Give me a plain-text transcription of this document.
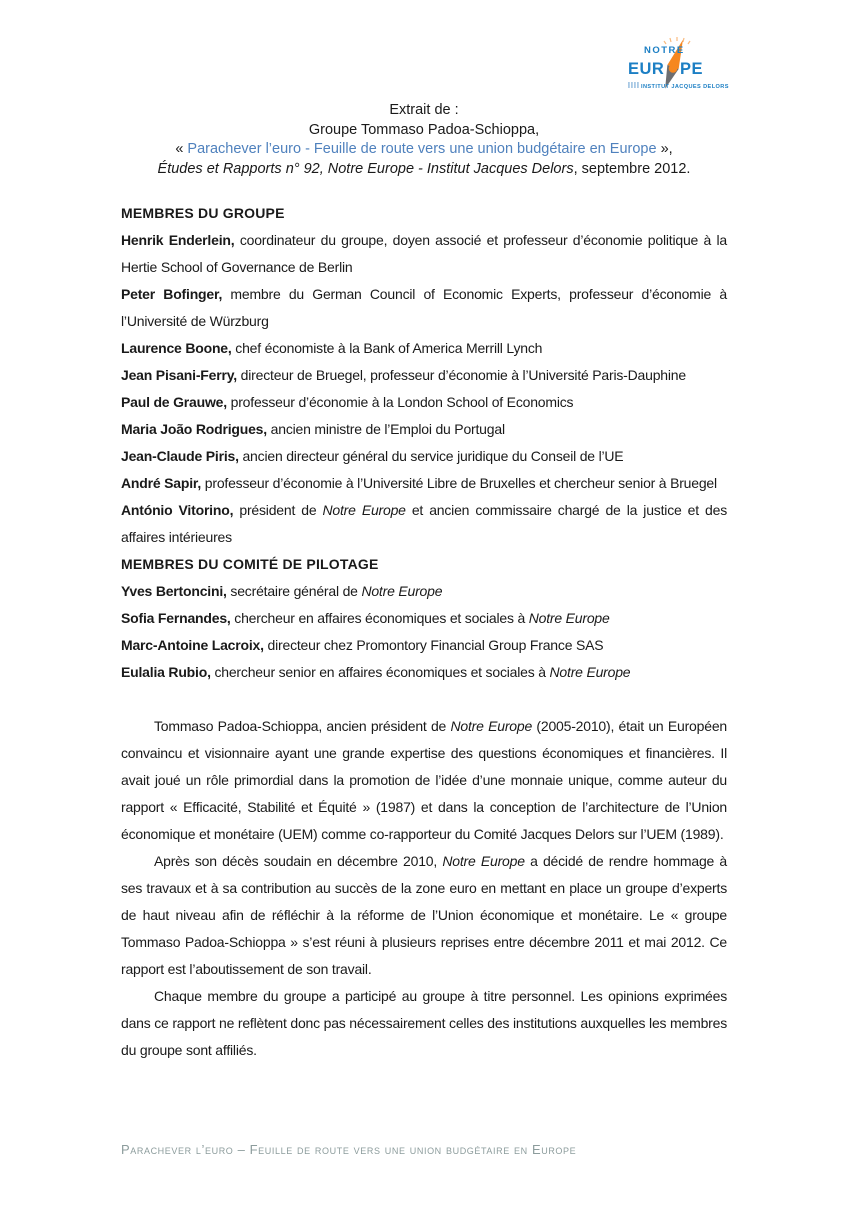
NOTRE
EUR PE
INSTITUT JACQUES DELORS
Extrait de :
Groupe Tommaso Padoa-Schioppa,
« Parachever l’euro - Feuille de route vers une union budgétaire en Europe »,
Études et Rapports n° 92, Notre Europe - Institut Jacques Delors, septembre 2012.
MEMBRES DU GROUPE
Henrik Enderlein, coordinateur du groupe, doyen associé et professeur d’économie politique à la Hertie School of Governance de Berlin
Peter Bofinger, membre du German Council of Economic Experts, professeur d’économie à l’Université de Würzburg
Laurence Boone, chef économiste à la Bank of America Merrill Lynch
Jean Pisani-Ferry, directeur de Bruegel, professeur d’économie à l’Université Paris-Dauphine
Paul de Grauwe, professeur d’économie à la London School of Economics
Maria João Rodrigues, ancien ministre de l’Emploi du Portugal
Jean-Claude Piris, ancien directeur général du service juridique du Conseil de l’UE
André Sapir, professeur d’économie à l’Université Libre de Bruxelles et chercheur senior à Bruegel
António Vitorino, président de Notre Europe et ancien commissaire chargé de la justice et des affaires intérieures
MEMBRES DU COMITÉ DE PILOTAGE
Yves Bertoncini, secrétaire général de Notre Europe
Sofia Fernandes, chercheur en affaires économiques et sociales à Notre Europe
Marc-Antoine Lacroix, directeur chez Promontory Financial Group France SAS
Eulalia Rubio, chercheur senior en affaires économiques et sociales à Notre Europe

Tommaso Padoa-Schioppa, ancien président de Notre Europe (2005-2010), était un Européen convaincu et visionnaire ayant une grande expertise des questions économiques et financières. Il avait joué un rôle primordial dans la promotion de l’idée d’une monnaie unique, comme auteur du rapport « Efficacité, Stabilité et Équité » (1987) et dans la conception de l’architecture de l’Union économique et monétaire (UEM) comme co-rapporteur du Comité Jacques Delors sur l’UEM (1989).

Après son décès soudain en décembre 2010, Notre Europe a décidé de rendre hommage à ses travaux et à sa contribution au succès de la zone euro en mettant en place un groupe d’experts de haut niveau afin de réfléchir à la réforme de l’Union économique et monétaire. Le « groupe Tommaso Padoa-Schioppa » s’est réuni à plusieurs reprises entre décembre 2011 et mai 2012. Ce rapport est l’aboutissement de son travail.

Chaque membre du groupe a participé au groupe à titre personnel. Les opinions exprimées dans ce rapport ne reflètent donc pas nécessairement celles des institutions auxquelles les membres du groupe sont affiliés.

Parachever l’euro – Feuille de route vers une union budgétaire en Europe
